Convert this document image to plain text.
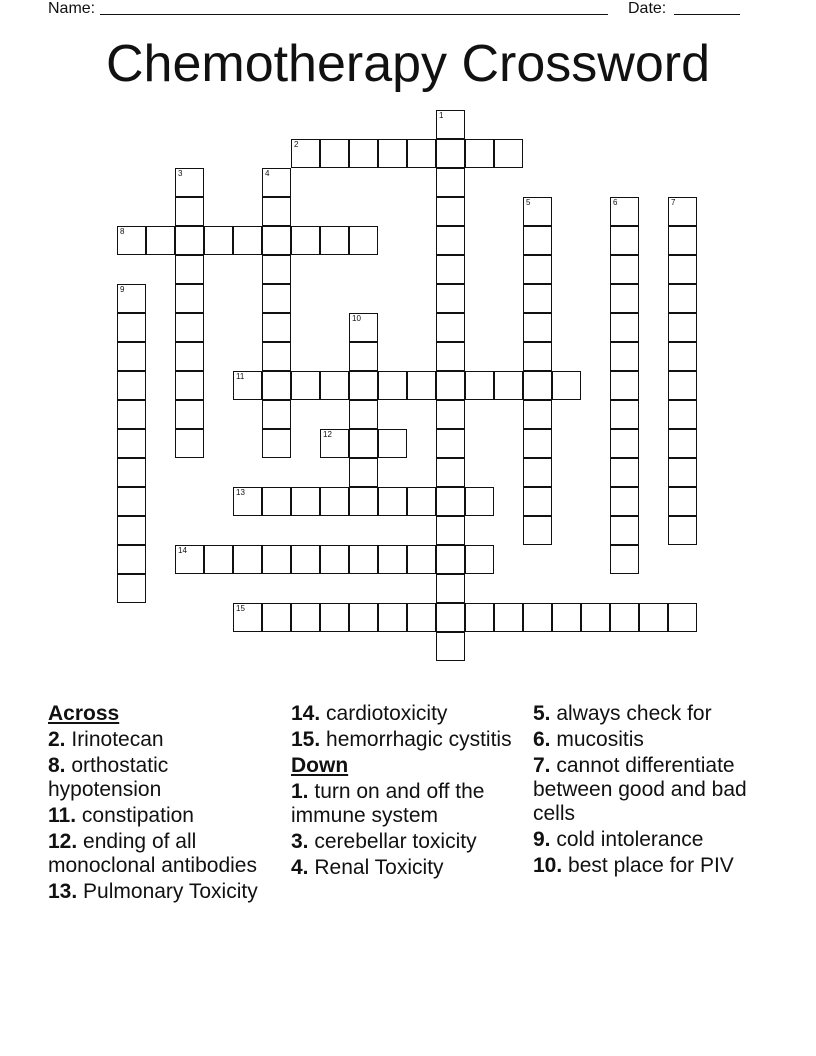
Name:	Date:
Chemotherapy Crossword
1
2
3	4
5	6	7
8
9
10
11
12
13
14
15
Across
2. Irinotecan
8. orthostatic hypotension
11. constipation
12. ending of all monoclonal antibodies
13. Pulmonary Toxicity
14. cardiotoxicity
15. hemorrhagic cystitis
Down
1. turn on and off the immune system
3. cerebellar toxicity
4. Renal Toxicity
5. always check for
6. mucositis
7. cannot differentiate between good and bad cells
9. cold intolerance
10. best place for PIV
